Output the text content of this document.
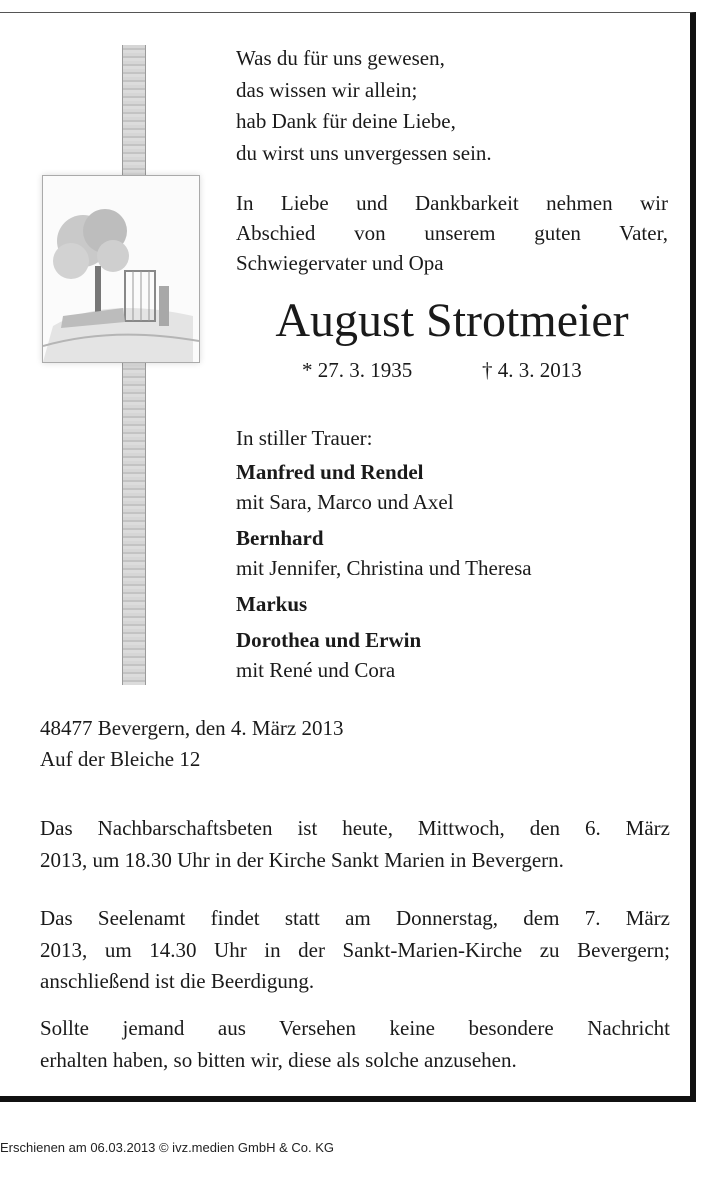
Was du für uns gewesen,
das wissen wir allein;
hab Dank für deine Liebe,
du wirst uns unvergessen sein.
In Liebe und Dankbarkeit nehmen wir
Abschied von unserem guten Vater,
Schwiegervater und Opa
August Strotmeier
* 27. 3. 1935	† 4. 3. 2013
In stiller Trauer:
Manfred und Rendel
mit Sara, Marco und Axel
Bernhard
mit Jennifer, Christina und Theresa
Markus
Dorothea und Erwin
mit René und Cora
48477 Bevergern, den 4. März 2013
Auf der Bleiche 12
Das Nachbarschaftsbeten ist heute, Mittwoch, den 6. März
2013, um 18.30 Uhr in der Kirche Sankt Marien in Bevergern.
Das Seelenamt findet statt am Donnerstag, dem 7. März
2013, um 14.30 Uhr in der Sankt-Marien-Kirche zu Bevergern;
anschließend ist die Beerdigung.
Sollte jemand aus Versehen keine besondere Nachricht
erhalten haben, so bitten wir, diese als solche anzusehen.
Erschienen am 06.03.2013 © ivz.medien GmbH & Co. KG
